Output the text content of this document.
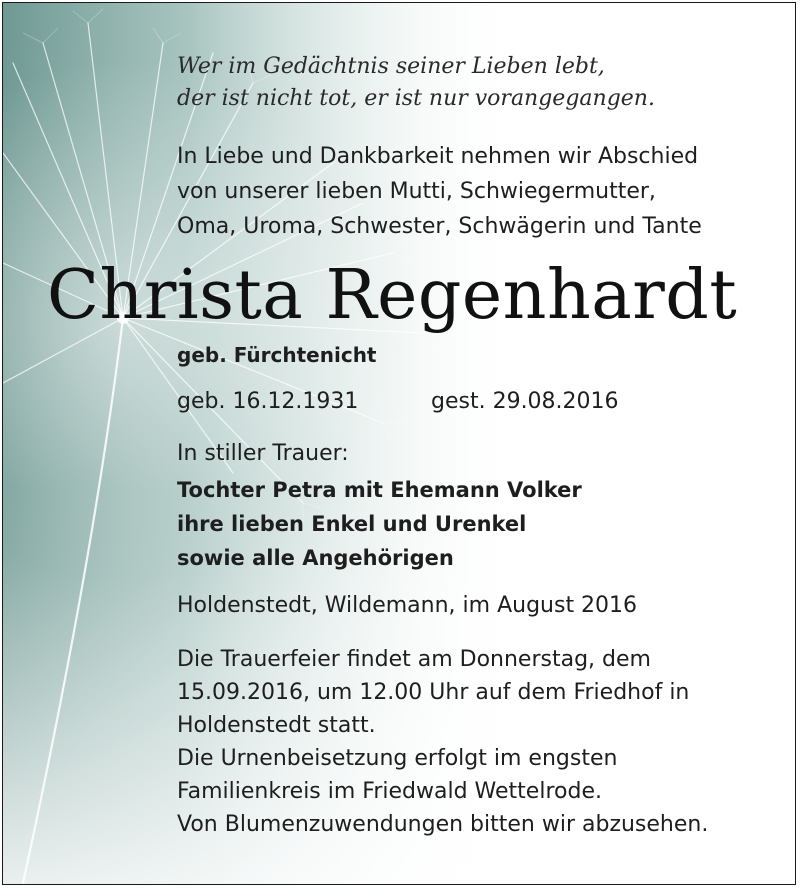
Wer im Gedächtnis seiner Lieben lebt,
der ist nicht tot, er ist nur vorangegangen.
In Liebe und Dankbarkeit nehmen wir Abschied
von unserer lieben Mutti, Schwiegermutter,
Oma, Uroma, Schwester, Schwägerin und Tante
Christa Regenhardt
geb. Fürchtenicht
geb. 16.12.1931	gest. 29.08.2016
In stiller Trauer:
Tochter Petra mit Ehemann Volker
ihre lieben Enkel und Urenkel
sowie alle Angehörigen
Holdenstedt, Wildemann, im August 2016
Die Trauerfeier findet am Donnerstag, dem
15.09.2016, um 12.00 Uhr auf dem Friedhof in
Holdenstedt statt.
Die Urnenbeisetzung erfolgt im engsten
Familienkreis im Friedwald Wettelrode.
Von Blumenzuwendungen bitten wir abzusehen.
